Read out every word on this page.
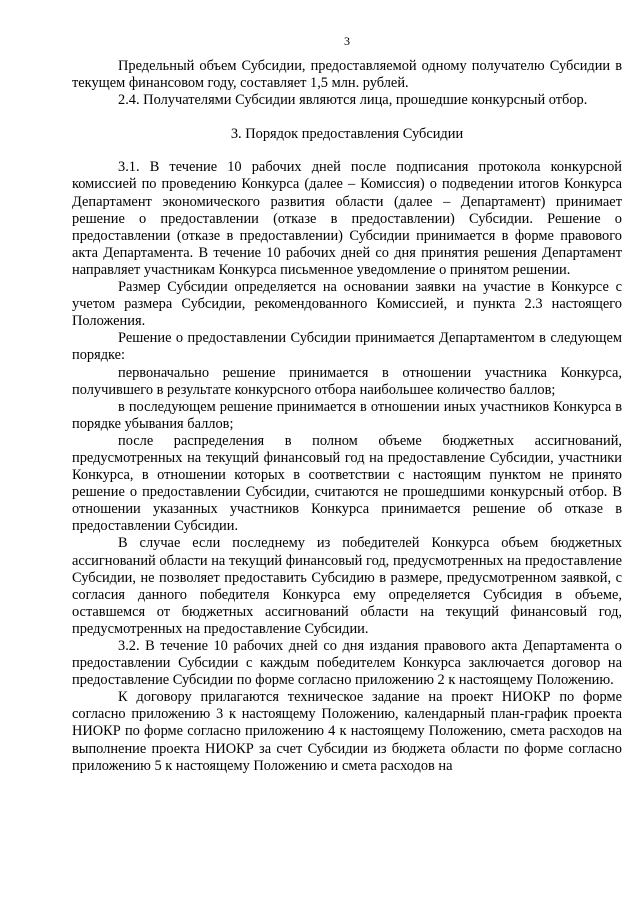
3

Предельный объем Субсидии, предоставляемой одному получателю Субсидии в текущем финансовом году, составляет 1,5 млн. рублей.

2.4. Получателями Субсидии являются лица, прошедшие конкурсный отбор.

3. Порядок предоставления Субсидии

3.1. В течение 10 рабочих дней после подписания протокола конкурсной комиссией по проведению Конкурса (далее – Комиссия) о подведении итогов Конкурса Департамент экономического развития области (далее – Департамент) принимает решение о предоставлении (отказе в предоставлении) Субсидии. Решение о предоставлении (отказе в предоставлении) Субсидии принимается в форме правового акта Департамента. В течение 10 рабочих дней со дня принятия решения Департамент направляет участникам Конкурса письменное уведомление о принятом решении.

Размер Субсидии определяется на основании заявки на участие в Конкурсе с учетом размера Субсидии, рекомендованного Комиссией, и пункта 2.3 настоящего Положения.

Решение о предоставлении Субсидии принимается Департаментом в следующем порядке:

первоначально решение принимается в отношении участника Конкурса, получившего в результате конкурсного отбора наибольшее количество баллов;

в последующем решение принимается в отношении иных участников Конкурса в порядке убывания баллов;

после распределения в полном объеме бюджетных ассигнований, предусмотренных на текущий финансовый год на предоставление Субсидии, участники Конкурса, в отношении которых в соответствии с настоящим пунктом не принято решение о предоставлении Субсидии, считаются не прошедшими конкурсный отбор. В отношении указанных участников Конкурса принимается решение об отказе в предоставлении Субсидии.

В случае если последнему из победителей Конкурса объем бюджетных ассигнований области на текущий финансовый год, предусмотренных на предоставление Субсидии, не позволяет предоставить Субсидию в размере, предусмотренном заявкой, с согласия данного победителя Конкурса ему определяется Субсидия в объеме, оставшемся от бюджетных ассигнований области на текущий финансовый год, предусмотренных на предоставление Субсидии.

3.2. В течение 10 рабочих дней со дня издания правового акта Департамента о предоставлении Субсидии с каждым победителем Конкурса заключается договор на предоставление Субсидии по форме согласно приложению 2 к настоящему Положению.

К договору прилагаются техническое задание на проект НИОКР по форме согласно приложению 3 к настоящему Положению, календарный план-график проекта НИОКР по форме согласно приложению 4 к настоящему Положению, смета расходов на выполнение проекта НИОКР за счет Субсидии из бюджета области по форме согласно приложению 5 к настоящему Положению и смета расходов на
